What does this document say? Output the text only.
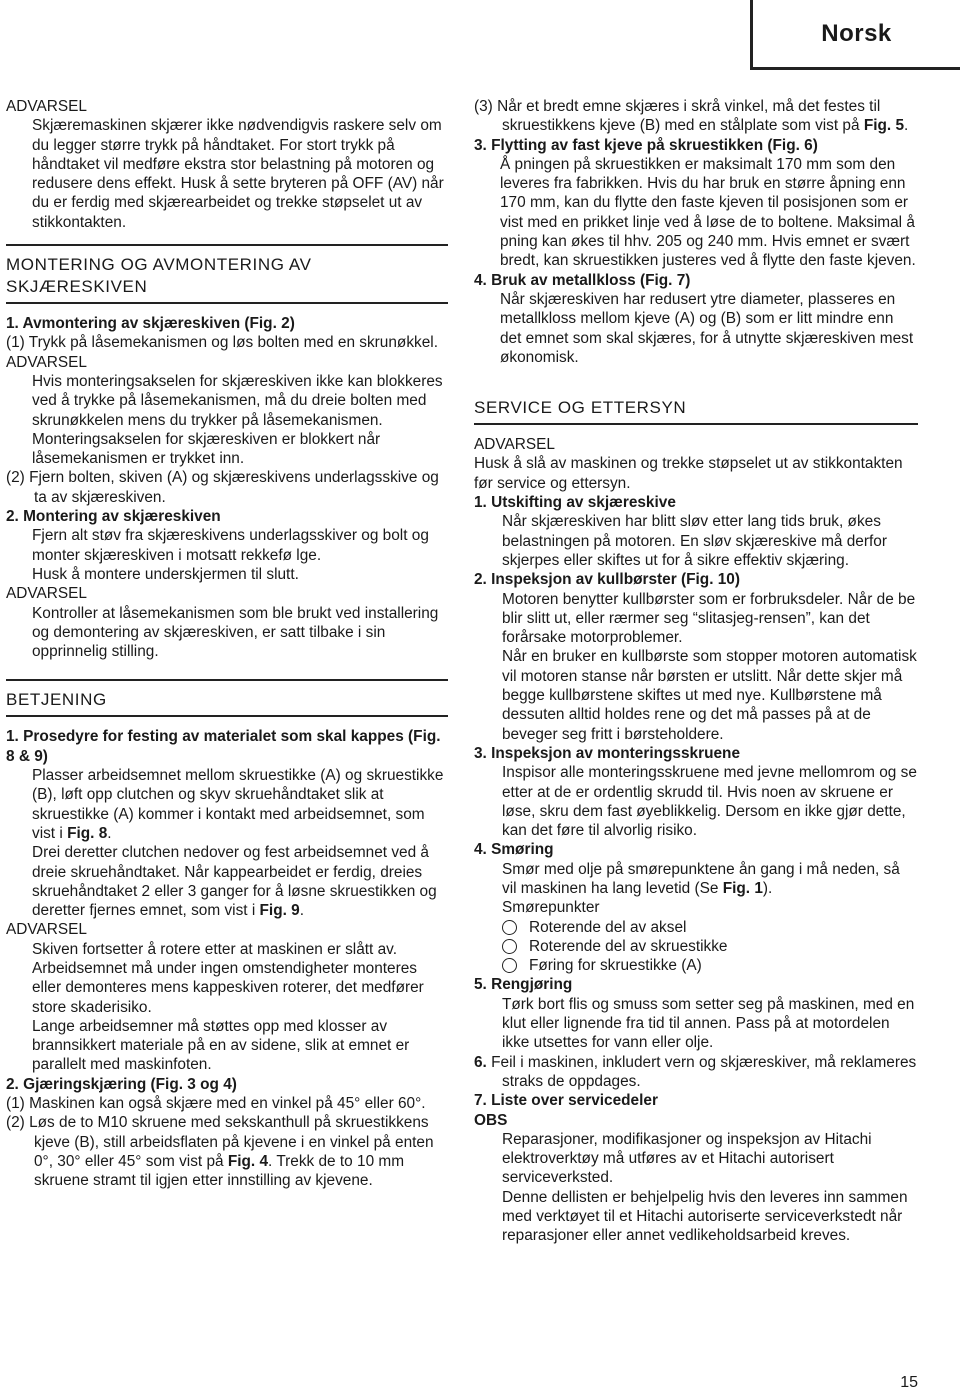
Norsk

ADVARSEL

Skjæremaskinen skjærer ikke nødvendigvis raskere selv om du legger større trykk på håndtaket. For stort trykk på håndtaket vil medføre ekstra stor belastning på motoren og redusere dens effekt. Husk å sette bryteren på OFF (AV) når du er ferdig med skjærearbeidet og trekke støpselet ut av stikkontakten.

MONTERING OG AVMONTERING AV SKJÆRESKIVEN

1. Avmontering av skjæreskiven (Fig. 2)

(1) Trykk på låsemekanismen og løs bolten med en skrunøkkel.

ADVARSEL

Hvis monteringsakselen for skjæreskiven ikke kan blokkeres ved å trykke på låsemekanismen, må du dreie bolten med skrunøkkelen mens du trykker på låsemekanismen. Monteringsakselen for skjæreskiven er blokkert når låsemekanismen er trykket inn.

(2) Fjern bolten, skiven (A) og skjæreskivens underlagsskive og ta av skjæreskiven.

2. Montering av skjæreskiven

Fjern alt støv fra skjæreskivens underlagsskiver og bolt og monter skjæreskiven i motsatt rekkefø lge.

Husk å montere underskjermen til slutt.

ADVARSEL

Kontroller at låsemekanismen som ble brukt ved installering og demontering av skjæreskiven, er satt tilbake i sin opprinnelig stilling.

BETJENING

1. Prosedyre for festing av materialet som skal kappes (Fig. 8 & 9)

Plasser arbeidsemnet mellom skruestikke (A) og skruestikke (B), løft opp clutchen og skyv skruehåndtaket slik at skruestikke (A) kommer i kontakt med arbeidsemnet, som vist i Fig. 8.

Drei deretter clutchen nedover og fest arbeidsemnet ved å dreie skruehåndtaket. Når kappearbeidet er ferdig, dreies skruehåndtaket 2 eller 3 ganger for å løsne skruestikken og deretter fjernes emnet, som vist i Fig. 9.

ADVARSEL

Skiven fortsetter å rotere etter at maskinen er slått av.

Arbeidsemnet må under ingen omstendigheter monteres eller demonteres mens kappeskiven roterer, det medfører store skaderisiko.

Lange arbeidsemner må støttes opp med klosser av brannsikkert materiale på en av sidene, slik at emnet er parallelt med maskinfoten.

2. Gjæringskjæring (Fig. 3 og 4)

(1) Maskinen kan også skjære med en vinkel på 45° eller 60°.

(2) Løs de to M10 skruene med sekskanthull på skruestikkens kjeve (B), still arbeidsflaten på kjevene i en vinkel på enten 0°, 30° eller 45° som vist på Fig. 4. Trekk de to 10 mm skruene stramt til igjen etter innstilling av kjevene.

(3) Når et bredt emne skjæres i skrå vinkel, må det festes til skruestikkens kjeve (B) med en stålplate som vist på Fig. 5.

3. Flytting av fast kjeve på skruestikken (Fig. 6)

Å pningen på skruestikken er maksimalt 170 mm som den leveres fra fabrikken. Hvis du har bruk en større åpning enn 170 mm, kan du flytte den faste kjeven til posisjonen som er vist med en prikket linje ved å løse de to boltene. Maksimal å pning kan økes til hhv. 205 og 240 mm. Hvis emnet er svært bredt, kan skruestikken justeres ved å flytte den faste kjeven.

4. Bruk av metallkloss (Fig. 7)

Når skjæreskiven har redusert ytre diameter, plasseres en metallkloss mellom kjeve (A) og (B) som er litt mindre enn det emnet som skal skjæres, for å utnytte skjæreskiven mest økonomisk.

SERVICE OG ETTERSYN

ADVARSEL

Husk å slå av maskinen og trekke støpselet ut av stikkontakten før service og ettersyn.

1. Utskifting av skjæreskive

Når skjæreskiven har blitt sløv etter lang tids bruk, økes belastningen på motoren. En sløv skjæreskive må derfor skjerpes eller skiftes ut for å sikre effektiv skjæring.

2. Inspeksjon av kullbørster (Fig. 10)

Motoren benytter kullbørster som er forbruksdeler. Når de be blir slitt ut, eller rærmer seg “slitasjeg-rensen”, kan det forårsake motorproblemer.

Når en bruker en kullbørste som stopper motoren automatisk vil motoren stanse når børsten er utslitt. Når dette skjer må begge kullbørstene skiftes ut med nye. Kullbørstene må dessuten alltid holdes rene og det må passes på at de beveger seg fritt i børsteholdere.

3. Inspeksjon av monteringsskruene

Inspisor alle monteringsskruene med jevne mellomrom og se etter at de er ordentlig skrudd til. Hvis noen av skruene er løse, skru dem fast øyeblikkelig. Dersom en ikke gjør dette, kan det føre til alvorlig risiko.

4. Smøring

Smør med olje på smørepunktene ån gang i må neden, så vil maskinen ha lang levetid (Se Fig. 1).

Smørepunkter

Roterende del av aksel
Roterende del av skruestikke
Føring for skruestikke (A)

5. Rengjøring

Tørk bort flis og smuss som setter seg på maskinen, med en klut eller lignende fra tid til annen. Pass på at motordelen ikke utsettes for vann eller olje.

6. Feil i maskinen, inkludert vern og skjæreskiver, må reklameres straks de oppdages.

7. Liste over servicedeler

OBS

Reparasjoner, modifikasjoner og inspeksjon av Hitachi elektroverktøy må utføres av et Hitachi autorisert serviceverksted.

Denne dellisten er behjelpelig hvis den leveres inn sammen med verktøyet til et Hitachi autoriserte serviceverkstedt når reparasjoner eller annet vedlikeholdsarbeid kreves.

15
